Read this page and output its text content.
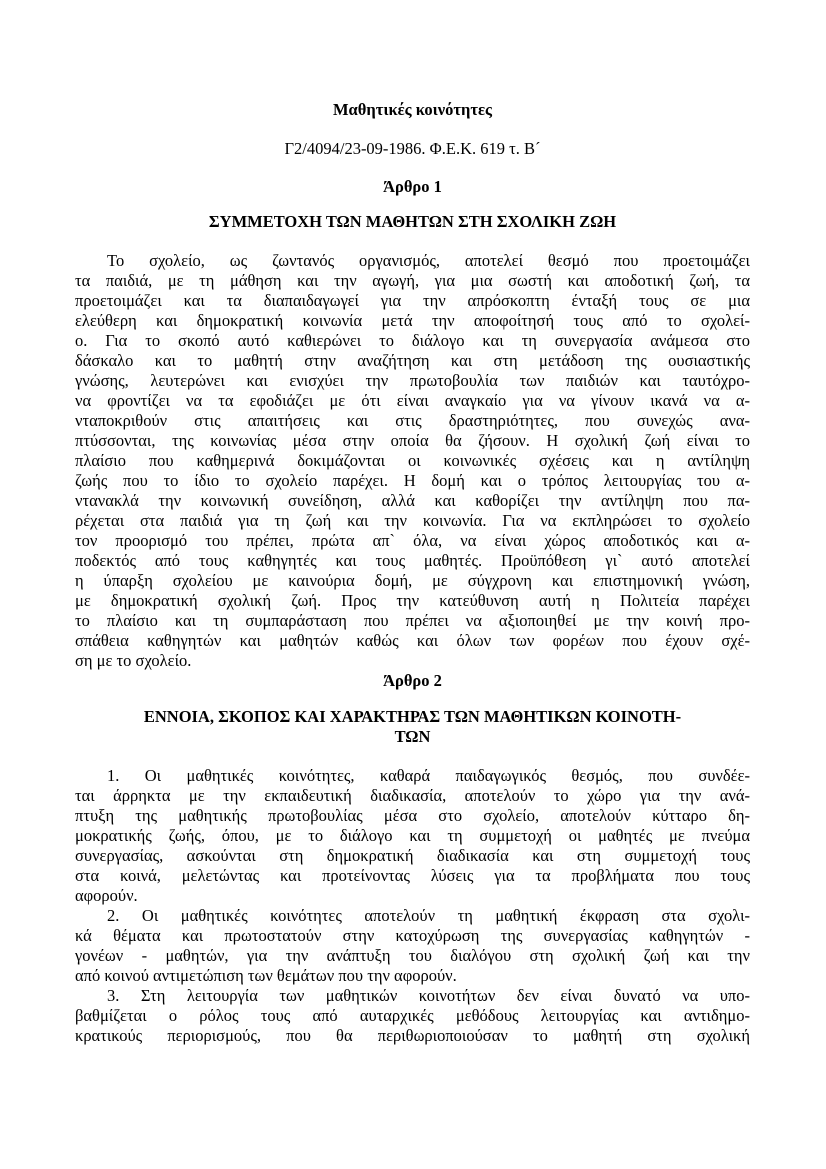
Μαθητικές κοινότητες

Γ2/4094/23-09-1986. Φ.Ε.Κ. 619 τ. Β´

Άρθρο 1

ΣΥΜΜΕΤΟΧΗ ΤΩΝ ΜΑΘΗΤΩΝ ΣΤΗ ΣΧΟΛΙΚΗ ΖΩΗ

Το σχολείο, ως ζωντανός οργανισμός, αποτελεί θεσμό που προετοιμάζει
τα παιδιά, με τη μάθηση και την αγωγή, για μια σωστή και αποδοτική ζωή, τα
προετοιμάζει και τα διαπαιδαγωγεί για την απρόσκοπτη ένταξή τους σε μια
ελεύθερη και δημοκρατική κοινωνία μετά την αποφοίτησή τους από το σχολεί-
ο. Για το σκοπό αυτό καθιερώνει το διάλογο και τη συνεργασία ανάμεσα στο
δάσκαλο και το μαθητή στην αναζήτηση και στη μετάδοση της ουσιαστικής
γνώσης, λευτερώνει και ενισχύει την πρωτοβουλία των παιδιών και ταυτόχρο-
να φροντίζει να τα εφοδιάζει με ότι είναι αναγκαίο για να γίνουν ικανά να α-
νταποκριθούν στις απαιτήσεις και στις δραστηριότητες, που συνεχώς ανα-
πτύσσονται, της κοινωνίας μέσα στην οποία θα ζήσουν. Η σχολική ζωή είναι το
πλαίσιο που καθημερινά δοκιμάζονται οι κοινωνικές σχέσεις και η αντίληψη
ζωής που το ίδιο το σχολείο παρέχει. Η δομή και ο τρόπος λειτουργίας του α-
ντανακλά την κοινωνική συνείδηση, αλλά και καθορίζει την αντίληψη που πα-
ρέχεται στα παιδιά για τη ζωή και την κοινωνία. Για να εκπληρώσει το σχολείο
τον προορισμό του πρέπει, πρώτα απ` όλα, να είναι χώρος αποδοτικός και α-
ποδεκτός από τους καθηγητές και τους μαθητές. Προϋπόθεση γι` αυτό αποτελεί
η ύπαρξη σχολείου με καινούρια δομή, με σύγχρονη και επιστημονική γνώση,
με δημοκρατική σχολική ζωή. Προς την κατεύθυνση αυτή η Πολιτεία παρέχει
το πλαίσιο και τη συμπαράσταση που πρέπει να αξιοποιηθεί με την κοινή προ-
σπάθεια καθηγητών και μαθητών καθώς και όλων των φορέων που έχουν σχέ-
ση με το σχολείο.

Άρθρο 2

ΕΝΝΟΙΑ, ΣΚΟΠΟΣ ΚΑΙ ΧΑΡΑΚΤΗΡΑΣ ΤΩΝ ΜΑΘΗΤΙΚΩΝ ΚΟΙΝΟΤΗ-
ΤΩΝ
1. Οι μαθητικές κοινότητες, καθαρά παιδαγωγικός θεσμός, που συνδέε-
ται άρρηκτα με την εκπαιδευτική διαδικασία, αποτελούν το χώρο για την ανά-
πτυξη της μαθητικής πρωτοβουλίας μέσα στο σχολείο, αποτελούν κύτταρο δη-
μοκρατικής ζωής, όπου, με το διάλογο και τη συμμετοχή οι μαθητές με πνεύμα
συνεργασίας, ασκούνται στη δημοκρατική διαδικασία και στη συμμετοχή τους
στα κοινά, μελετώντας και προτείνοντας λύσεις για τα προβλήματα που τους
αφορούν.
2. Οι μαθητικές κοινότητες αποτελούν τη μαθητική έκφραση στα σχολι-
κά θέματα και πρωτοστατούν στην κατοχύρωση της συνεργασίας καθηγητών -
γονέων - μαθητών, για την ανάπτυξη του διαλόγου στη σχολική ζωή και την
από κοινού αντιμετώπιση των θεμάτων που την αφορούν.
3. Στη λειτουργία των μαθητικών κοινοτήτων δεν είναι δυνατό να υπο-
βαθμίζεται ο ρόλος τους από αυταρχικές μεθόδους λειτουργίας και αντιδημο-
κρατικούς περιορισμούς, που θα περιθωριοποιούσαν το μαθητή στη σχολική
